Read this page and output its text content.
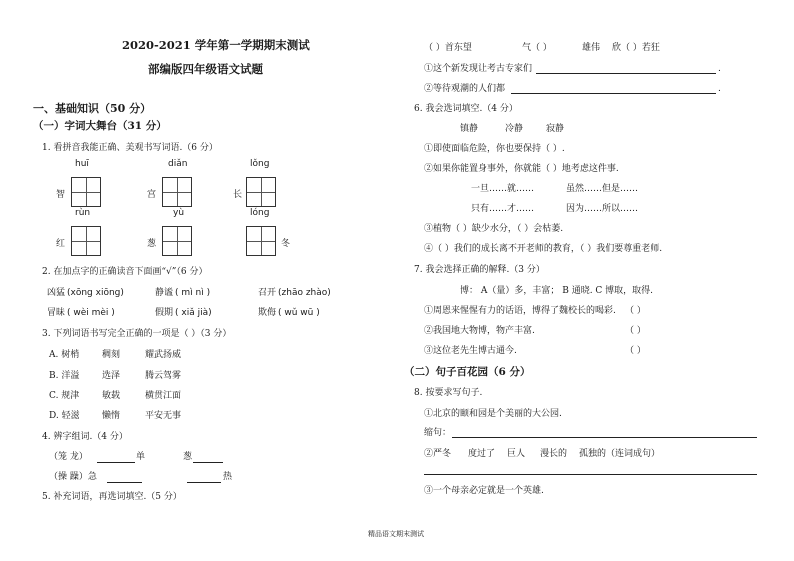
2020-2021 学年第一学期期末测试
部编版四年级语文试题
一、基础知识（50 分）
（一）字词大舞台（31 分）
1. 看拼音我能正确、美观书写词语.（6 分）
huī	diǎn	lǒng
智	宫	长
rùn	yù	lóng
红	葱	冬
2. 在加点字的正确读音下面画“√”（6 分）
凶猛 (xōng xiōng)	静谧 ( mì nì )	召开 (zhāo zhào)
冒昧 ( wèi mèi )	假期 ( xiǎ jià)	欺侮 ( wǔ wū )
3. 下列词语书写完全正确的一项是（ ）（3 分）
A. 树梢	稠刻	耀武扬威
B. 洋溢	选泽	腾云驾雾
C. 规津	敏载	横贯江面
D. 轻滋 懒惰	平安无事
4. 辨字组词.（4 分）
（笼 龙）	单	葱
（操 躁）急	热
5. 补充词语，再选词填空.（5 分）
（ ）首东望	气（ ）	雄伟 欣（ ）若狂
①这个新发现让考古专家们	.
②等待观潮的人们都	.
6. 我会选词填空.（4 分）
镇静	冷静	寂静
①即使面临危险，你也要保持（ ）.
②如果你能置身事外，你就能（ ）地考虑这件事.
一旦……就……	虽然……但是……
只有……才……	因为……所以……
③植物（ ）缺少水分，（ ）会枯萎.
④（ ）我们的成长离不开老师的教育，（ ）我们要尊重老师.
7. 我会选择正确的解释.（3 分）
博： A（量）多，丰富； B 通晓. C 博取，取得.
①周恩来惺惺有力的话语，博得了魏校长的喝彩. （ ）
②我国地大物博，物产丰富.	（ ）
③这位老先生博古通今.	（ ）
（二）句子百花园（6 分）
8. 按要求写句子.
①北京的颐和园是个美丽的大公园.
缩句：
②严冬 度过了 巨人 漫长的 孤独的（连词成句）
③一个母亲必定就是一个英雄.
精品语文期末测试
